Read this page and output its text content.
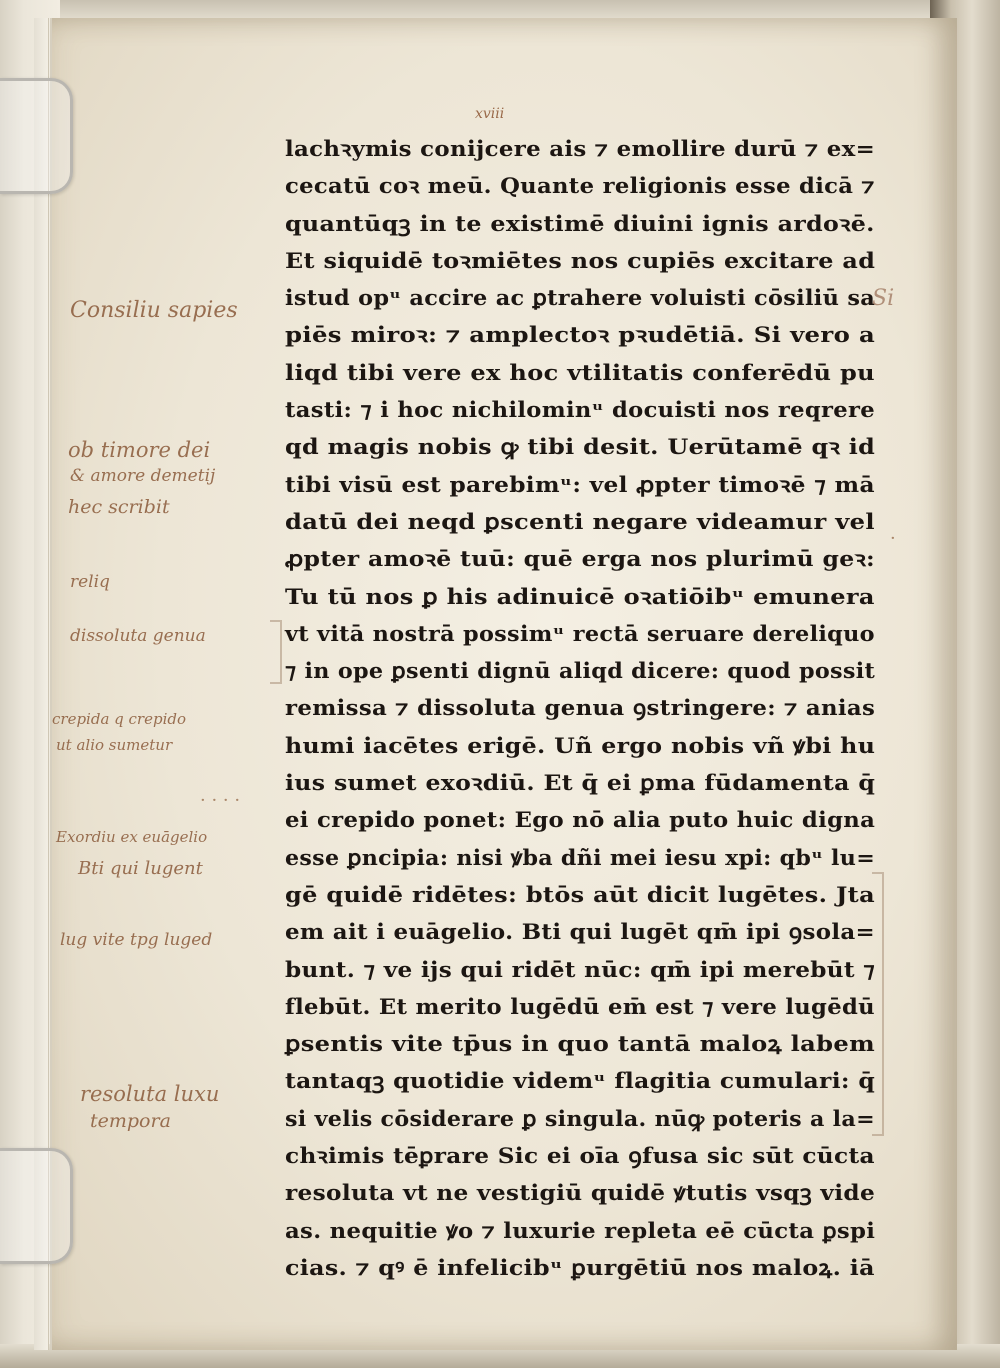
xviii
Si
lachꝛymis conijcere ais ⁊ emollire durū ⁊ ex=
cecatū coꝛ meū. Quante religionis esse dicā ⁊
quantūqꝫ in te existimē diuini ignis ardoꝛē.
Et siquidē toꝛmiētes nos cupiēs excitare ad
istud opᵘ accire ac ꝑtrahere voluisti cōsiliū sa
piēs miroꝛ: ⁊ amplectoꝛ pꝛudētiā. Si vero a
liqd tibi vere ex hoc vtilitatis conferēdū pu
tasti: ⁊ i hoc nichilominᵘ docuisti nos reqrere
qd magis nobis ꝙ tibi desit. Uerūtamē qꝛ id
tibi visū est parebimᵘ: vel ꝓpter timoꝛē ⁊ mā
datū dei neqd ꝑscenti negare videamur vel
ꝓpter amoꝛē tuū: quē erga nos plurimū geꝛ:
Tu tū nos ꝑ his adinuicē oꝛatiōibᵘ emunera
vt vitā nostrā possimᵘ rectā seruare dereliquo
⁊ in ope ꝑsenti dignū aliqd dicere: quod possit
remissa ⁊ dissoluta genua ꝯstringere: ⁊ anias
humi iacētes erigē. Uñ ergo nobis vñ ꝟbi hu
ius sumet exoꝛdiū. Et q̄ ei ꝑma fūdamenta q̄
ei crepido ponet: Ego nō alia puto huic digna
esse ꝑncipia: nisi ꝟba dñi mei iesu xpi: qbᵘ lu=
gē quidē ridētes: btōs aūt dicit lugētes. Jta
em ait i euāgelio. Bti qui lugēt qm̄ ipi ꝯsola=
bunt. ⁊ ve ijs qui ridēt nūc: qm̄ ipi merebūt ⁊
flebūt. Et merito lugēdū em̄ est ⁊ vere lugēdū
ꝑsentis vite tp̄us in quo tantā maloꝝ labem
tantaqꝫ quotidie videmᵘ flagitia cumulari: q̄
si velis cōsiderare ꝑ singula. nūꝙ poteris a la=
chꝛimis tēꝑrare Sic ei oīa ꝯfusa sic sūt cūcta
resoluta vt ne vestigiū quidē ꝟtutis vsqꝫ vide
as. nequitie ꝟo ⁊ luxurie repleta eē cūcta ꝑspi
cias. ⁊ qꝰ ē infelicibᵘ ꝑurgētiū nos maloꝝ. iā
Consiliu sapies
ob timore dei
& amore demetij
hec scribit
reliq
dissoluta genua
crepida q crepido
ut alio sumetur
Exordiu ex euāgelio
Bti qui lugent
lug vite tpg luged
resoluta luxu
tempora
· · · ·
·
